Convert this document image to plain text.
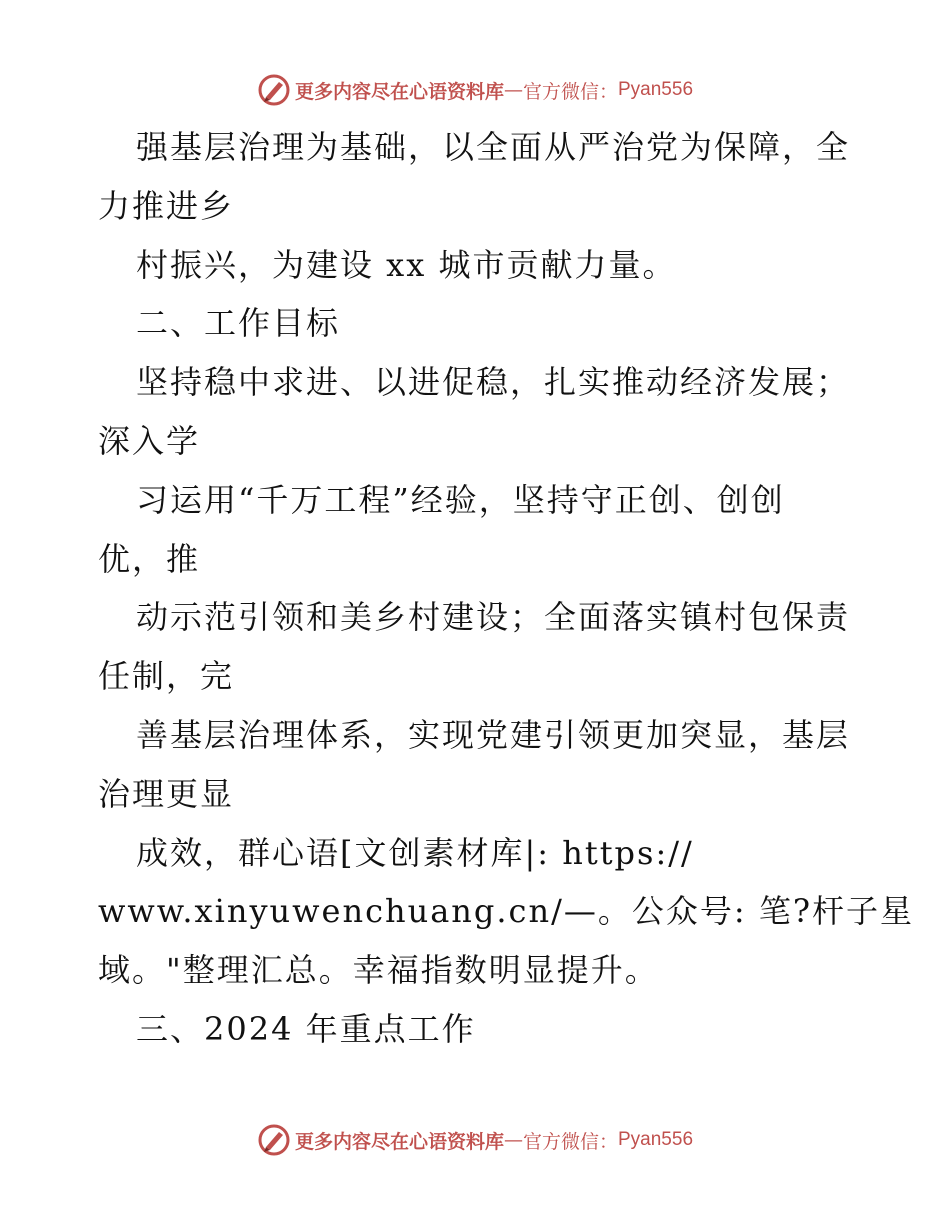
更多内容尽在心语资料库 — 官方微信： Pyan556
强基层治理为基础，以全面从严治党为保障，全
力推进乡
村振兴，为建设 xx 城市贡献力量。
二、工作目标
坚持稳中求进、以进促稳，扎实推动经济发展；
深入学
习运用“千万工程”经验，坚持守正创、创创
优，推
动示范引领和美乡村建设；全面落实镇村包保责
任制，完
善基层治理体系，实现党建引领更加突显，基层
治理更显
成效，群心语[文创素材库|: https://
www.xinyuwenchuang.cn/—。公众号: 笔?杆子星
域。"整理汇总。幸福指数明显提升。
三、2024 年重点工作
更多内容尽在心语资料库 — 官方微信： Pyan556
